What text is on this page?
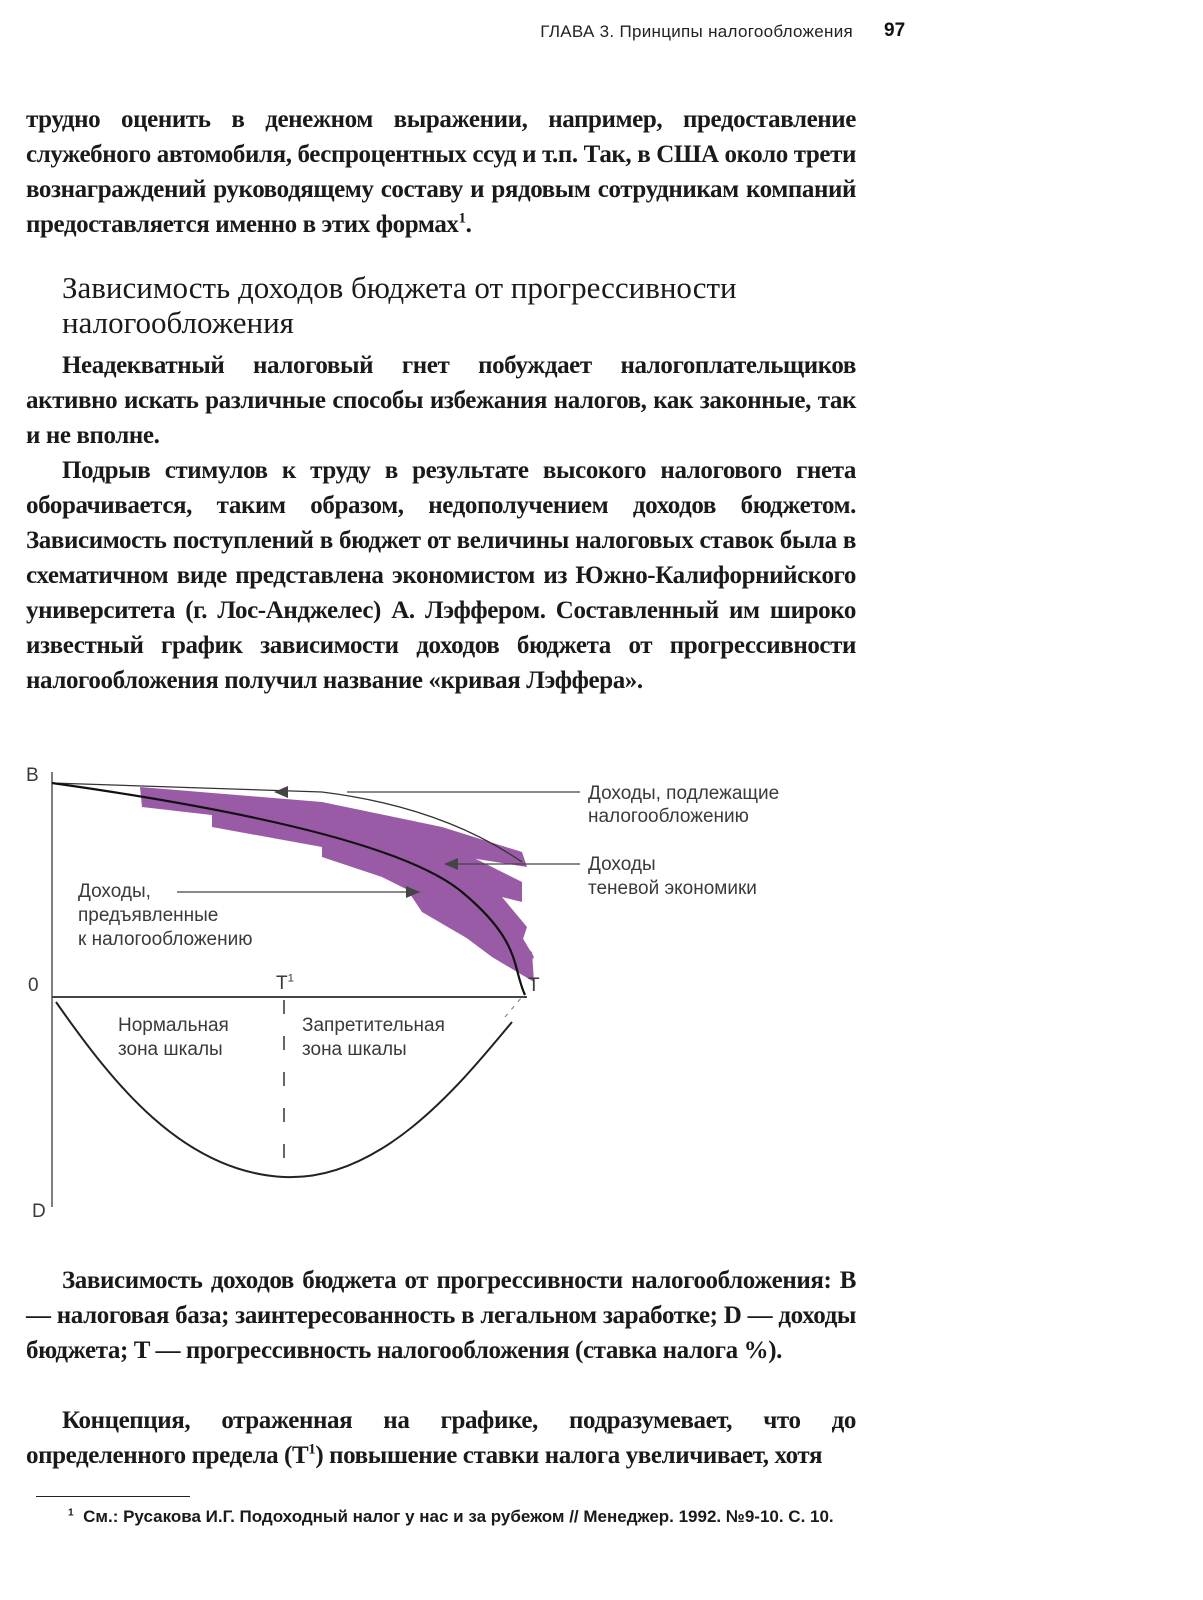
ГЛАВА 3. Принципы налогообложения 97

трудно оценить в денежном выражении, например, предоставление служебного автомобиля, беспроцентных ссуд и т.п. Так, в США около трети вознаграждений руководящему составу и рядовым сотрудникам компаний предоставляется именно в этих формах$^1$.

Зависимость доходов бюджета от прогрессивности налогообложения

Неадекватный налоговый гнет побуждает налогоплательщиков активно искать различные способы избежания налогов, как законные, так и не вполне.

Подрыв стимулов к труду в результате высокого налогового гнета оборачивается, таким образом, недополучением доходов бюджетом. Зависимость поступлений в бюджет от величины налоговых ставок была в схематичном виде представлена экономистом из Южно-Калифорнийского университета (г. Лос-Анджелес) А. Лэффером. Составленный им широко известный график зависимости доходов бюджета от прогрессивности налогообложения получил название «кривая Лэффера».

B
0
D
T
$T^1$
Доходы, подлежащие
налогообложению
Доходы
теневой экономики
Доходы,
предъявленные
к налогообложению
Нормальная
зона шкалы
Запретительная
зона шкалы

Зависимость доходов бюджета от прогрессивности налогообложения: B — налоговая база; заинтересованность в легальном заработке; D — доходы бюджета; T — прогрессивность налогообложения (ставка налога %).

Концепция, отраженная на графике, подразумевает, что до определенного предела $(T^1)$ повышение ставки налога увеличивает, хотя

$^1$ См.: Русакова И.Г. Подоходный налог у нас и за рубежом // Менеджер. 1992. №9-10. С. 10.
